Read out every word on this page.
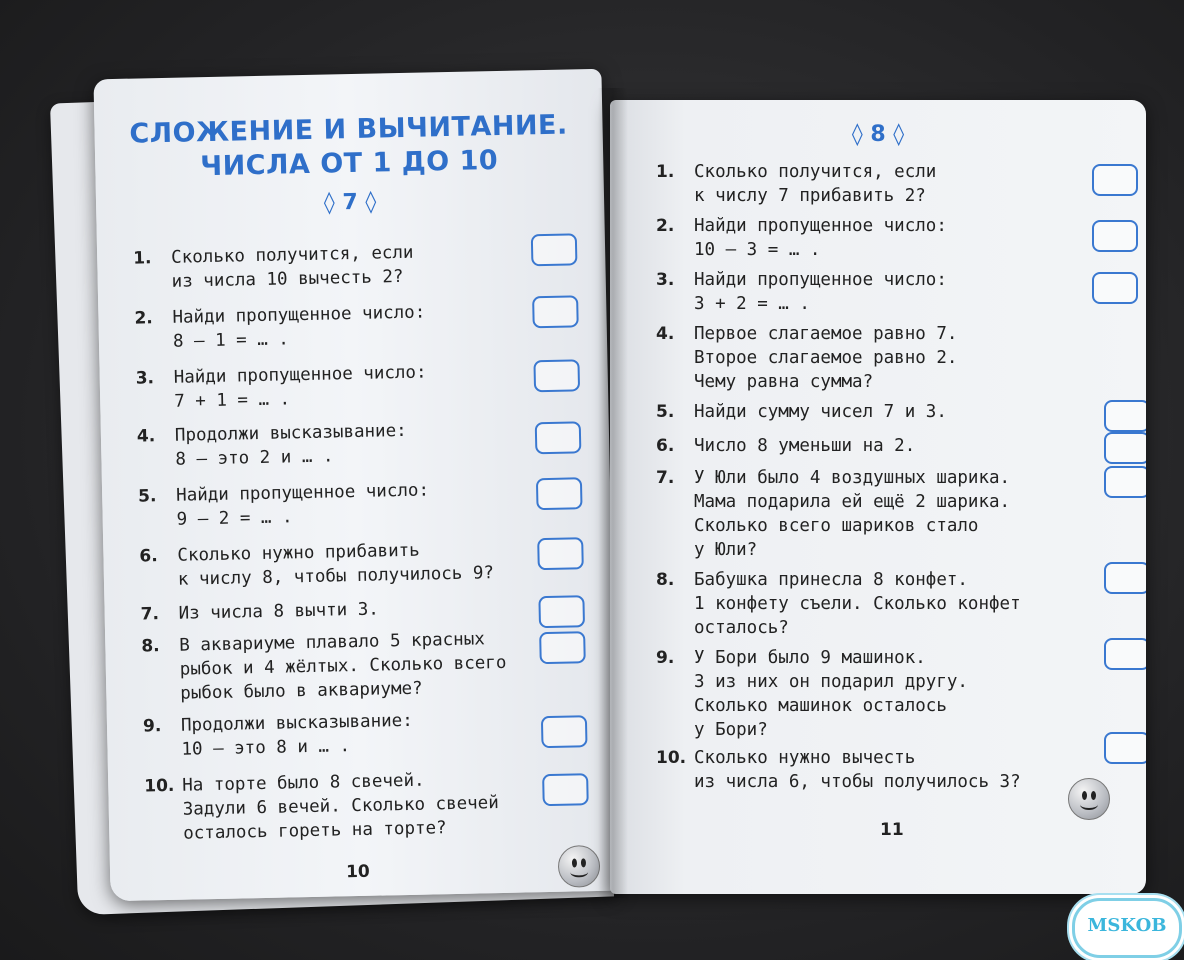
СЛОЖЕНИЕ И ВЫЧИТАНИЕ.
ЧИСЛА ОТ 1 ДО 10
◊ 7 ◊
1. Сколько получится, если
из числа 10 вычесть 2?
2. Найди пропущенное число:
8 – 1 = … .
3. Найди пропущенное число:
7 + 1 = … .
4. Продолжи высказывание:
8 – это 2 и … .
5. Найди пропущенное число:
9 – 2 = … .
6. Сколько нужно прибавить
к числу 8, чтобы получилось 9?
7. Из числа 8 вычти 3.
8. В аквариуме плавало 5 красных
рыбок и 4 жёлтых. Сколько всего
рыбок было в аквариуме?
9. Продолжи высказывание:
10 – это 8 и … .
10. На торте было 8 свечей.
Задули 6 вечей. Сколько свечей
осталось гореть на торте?
10
◊ 8 ◊
1. Сколько получится, если
к числу 7 прибавить 2?
2. Найди пропущенное число:
10 – 3 = … .
3. Найди пропущенное число:
3 + 2 = … .
4. Первое слагаемое равно 7.
Второе слагаемое равно 2.
Чему равна сумма?
5. Найди сумму чисел 7 и 3.
6. Число 8 уменьши на 2.
7. У Юли было 4 воздушных шарика.
Мама подарила ей ещё 2 шарика.
Сколько всего шариков стало
у Юли?
8. Бабушка принесла 8 конфет.
1 конфету съели. Сколько конфет
осталось?
9. У Бори было 9 машинок.
3 из них он подарил другу.
Сколько машинок осталось
у Бори?
10. Сколько нужно вычесть
из числа 6, чтобы получилось 3?
11
MSKOB
